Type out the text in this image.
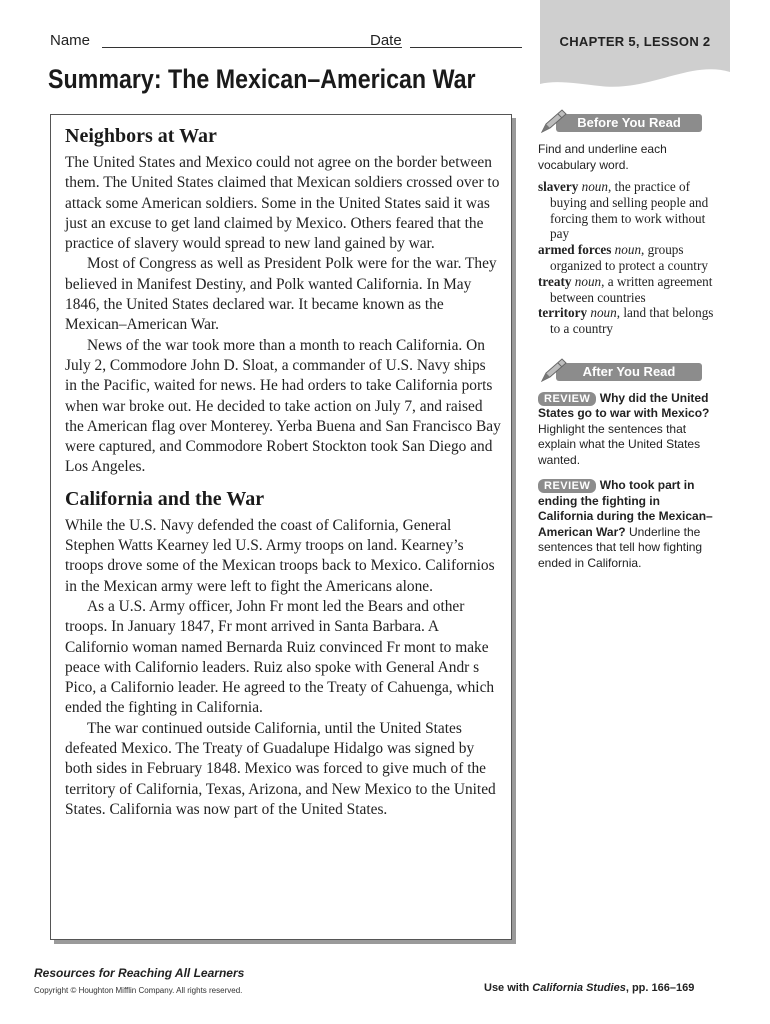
Name	Date	CHAPTER 5, LESSON 2
Summary: The Mexican–American War
Neighbors at War

The United States and Mexico could not agree on the border between them. The United States claimed that Mexican soldiers crossed over to attack some American soldiers. Some in the United States said it was just an excuse to get land claimed by Mexico. Others feared that the practice of slavery would spread to new land gained by war.

Most of Congress as well as President Polk were for the war. They believed in Manifest Destiny, and Polk wanted California. In May 1846, the United States declared war. It became known as the Mexican–American War.

News of the war took more than a month to reach California. On July 2, Commodore John D. Sloat, a commander of U.S. Navy ships in the Pacific, waited for news. He had orders to take California ports when war broke out. He decided to take action on July 7, and raised the American flag over Monterey. Yerba Buena and San Francisco Bay were captured, and Commodore Robert Stockton took San Diego and Los Angeles.

California and the War

While the U.S. Navy defended the coast of California, General Stephen Watts Kearney led U.S. Army troops on land. Kearney’s troops drove some of the Mexican troops back to Mexico. Californios in the Mexican army were left to fight the Americans alone.

As a U.S. Army officer, John Fr mont led the Bears and other troops. In January 1847, Fr mont arrived in Santa Barbara. A Californio woman named Bernarda Ruiz convinced Fr mont to make peace with Californio leaders. Ruiz also spoke with General Andr s Pico, a Californio leader. He agreed to the Treaty of Cahuenga, which ended the fighting in California.

The war continued outside California, until the United States defeated Mexico. The Treaty of Guadalupe Hidalgo was signed by both sides in February 1848. Mexico was forced to give much of the territory of California, Texas, Arizona, and New Mexico to the United States. California was now part of the United States.

Before You Read

Find and underline each vocabulary word.

slavery noun, the practice of buying and selling people and forcing them to work without pay

armed forces noun, groups organized to protect a country

treaty noun, a written agreement between countries

territory noun, land that belongs to a country

After You Read

REVIEW Why did the United States go to war with Mexico? Highlight the sentences that explain what the United States wanted.

REVIEW Who took part in ending the fighting in California during the Mexican–American War? Underline the sentences that tell how fighting ended in California.

Resources for Reaching All Learners
Copyright © Houghton Mifflin Company. All rights reserved.	Use with California Studies, pp. 166–169
